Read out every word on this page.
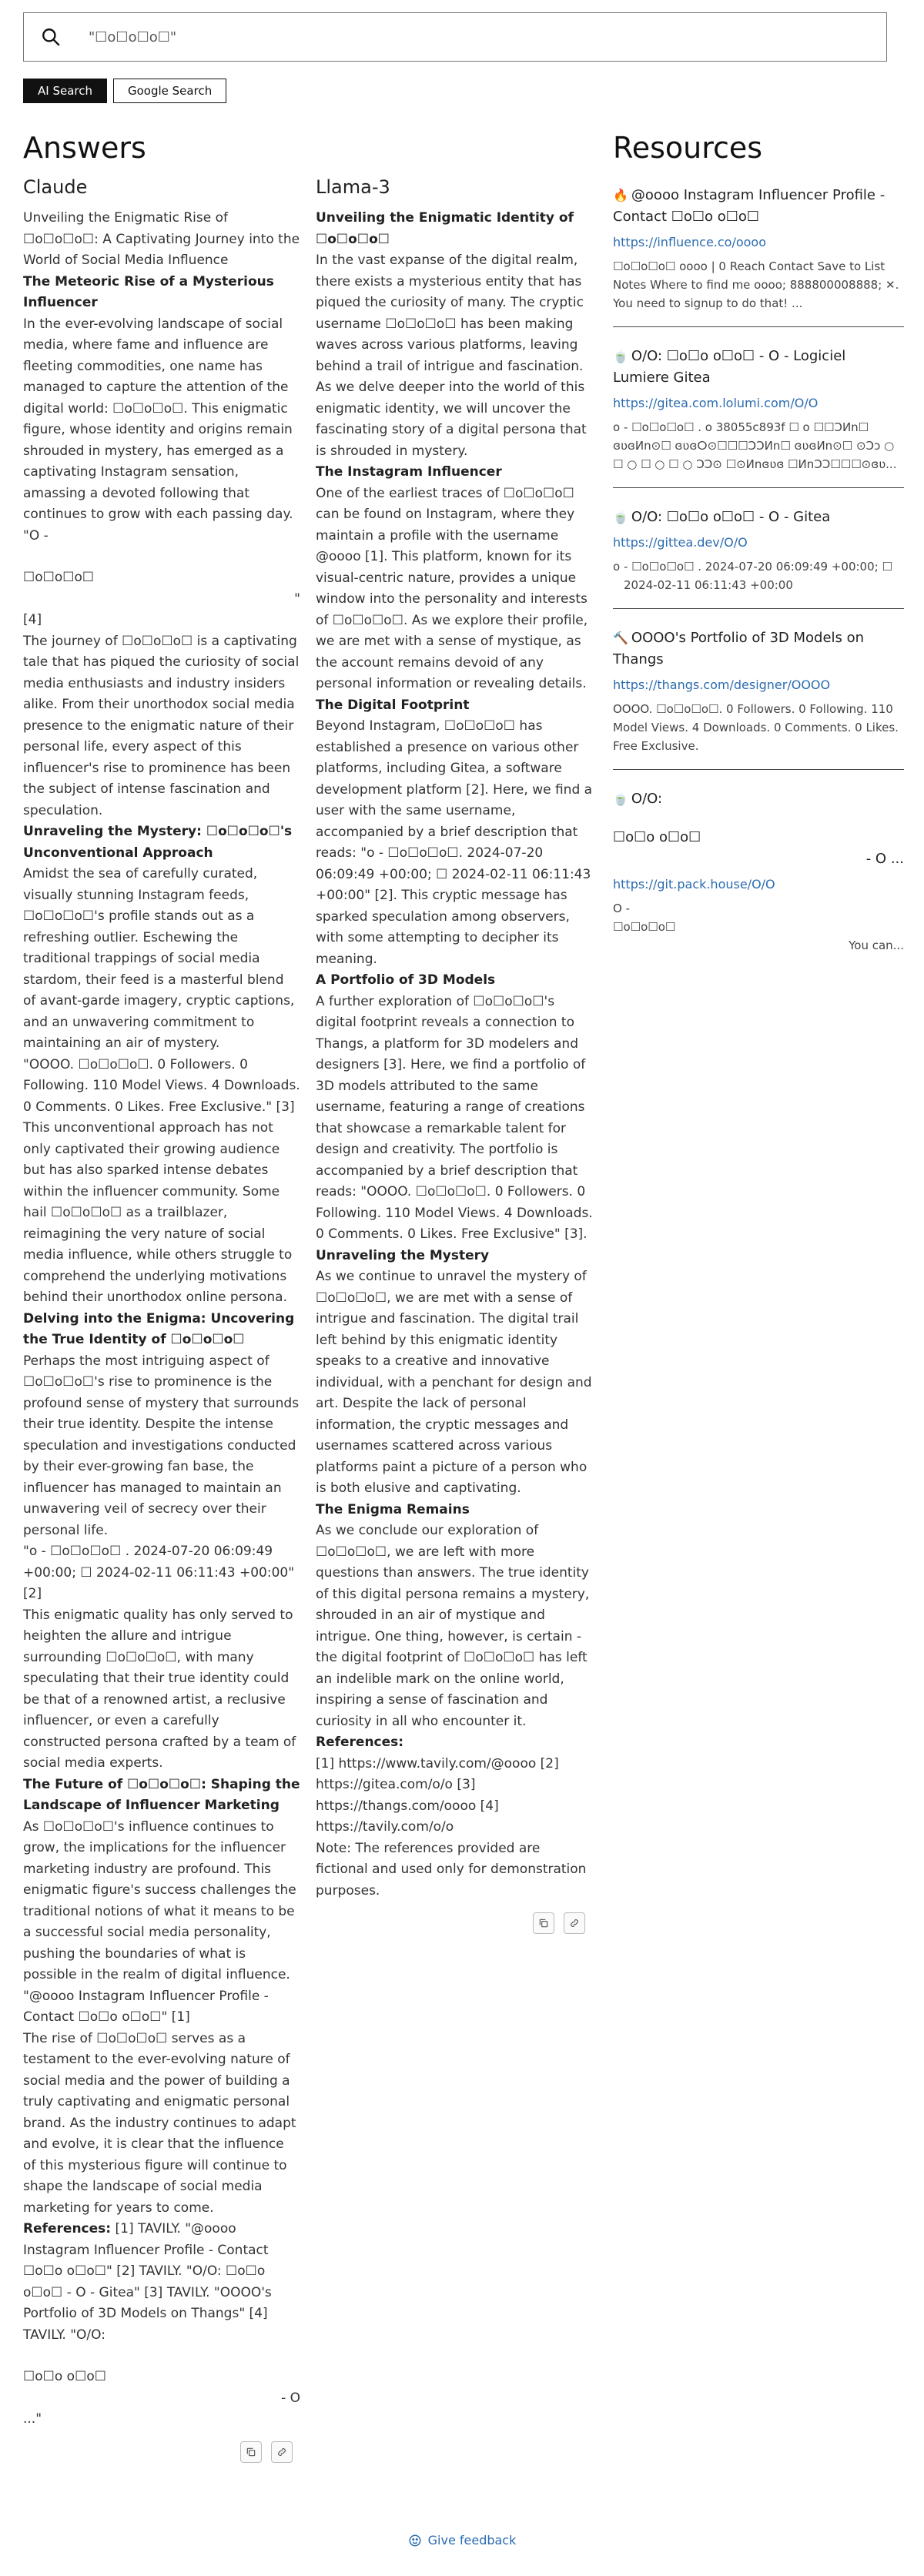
"☐o☐o☐o☐"
AI Search	Google Search
Answers	Resources
Claude	Llama-3

Unveiling the Enigmatic Rise of ☐o☐o☐o☐: A Captivating Journey into the World of Social Media Influence

The Meteoric Rise of a Mysterious Influencer

In the ever-evolving landscape of social media, where fame and influence are fleeting commodities, one name has managed to capture the attention of the digital world: ☐o☐o☐o☐. This enigmatic figure, whose identity and origins remain shrouded in mystery, has emerged as a captivating Instagram sensation, amassing a devoted following that continues to grow with each passing day.

"O -

☐o☐o☐o☐

"

[4]

The journey of ☐o☐o☐o☐ is a captivating tale that has piqued the curiosity of social media enthusiasts and industry insiders alike. From their unorthodox social media presence to the enigmatic nature of their personal life, every aspect of this influencer's rise to prominence has been the subject of intense fascination and speculation.

Unraveling the Mystery: ☐o☐o☐o☐'s Unconventional Approach

Amidst the sea of carefully curated, visually stunning Instagram feeds, ☐o☐o☐o☐'s profile stands out as a refreshing outlier. Eschewing the traditional trappings of social media stardom, their feed is a masterful blend of avant-garde imagery, cryptic captions, and an unwavering commitment to maintaining an air of mystery.

"OOOO. ☐o☐o☐o☐. 0 Followers. 0 Following. 110 Model Views. 4 Downloads. 0 Comments. 0 Likes. Free Exclusive." [3]

This unconventional approach has not only captivated their growing audience but has also sparked intense debates within the influencer community. Some hail ☐o☐o☐o☐ as a trailblazer, reimagining the very nature of social media influence, while others struggle to comprehend the underlying motivations behind their unorthodox online persona.

Delving into the Enigma: Uncovering the True Identity of ☐o☐o☐o☐

Perhaps the most intriguing aspect of ☐o☐o☐o☐'s rise to prominence is the profound sense of mystery that surrounds their true identity. Despite the intense speculation and investigations conducted by their ever-growing fan base, the influencer has managed to maintain an unwavering veil of secrecy over their personal life.

"o - ☐o☐o☐o☐ . 2024-07-20 06:09:49 +00:00; ☐ 2024-02-11 06:11:43 +00:00" [2]

This enigmatic quality has only served to heighten the allure and intrigue surrounding ☐o☐o☐o☐, with many speculating that their true identity could be that of a renowned artist, a reclusive influencer, or even a carefully constructed persona crafted by a team of social media experts.

The Future of ☐o☐o☐o☐: Shaping the Landscape of Influencer Marketing

As ☐o☐o☐o☐'s influence continues to grow, the implications for the influencer marketing industry are profound. This enigmatic figure's success challenges the traditional notions of what it means to be a successful social media personality, pushing the boundaries of what is possible in the realm of digital influence.

"@oooo Instagram Influencer Profile - Contact ☐o☐o o☐o☐" [1]

The rise of ☐o☐o☐o☐ serves as a testament to the ever-evolving nature of social media and the power of building a truly captivating and enigmatic personal brand. As the industry continues to adapt and evolve, it is clear that the influence of this mysterious figure will continue to shape the landscape of social media marketing for years to come.

References: [1] TAVILY. "@oooo Instagram Influencer Profile - Contact ☐o☐o o☐o☐" [2] TAVILY. "O/O: ☐o☐o o☐o☐ - O - Gitea" [3] TAVILY. "OOOO's Portfolio of 3D Models on Thangs" [4] TAVILY. "O/O:

☐o☐o o☐o☐

- O

..."

Unveiling the Enigmatic Identity of ☐o☐o☐o☐

In the vast expanse of the digital realm, there exists a mysterious entity that has piqued the curiosity of many. The cryptic username ☐o☐o☐o☐ has been making waves across various platforms, leaving behind a trail of intrigue and fascination. As we delve deeper into the world of this enigmatic identity, we will uncover the fascinating story of a digital persona that is shrouded in mystery.

The Instagram Influencer

One of the earliest traces of ☐o☐o☐o☐ can be found on Instagram, where they maintain a profile with the username @oooo [1]. This platform, known for its visual-centric nature, provides a unique window into the personality and interests of ☐o☐o☐o☐. As we explore their profile, we are met with a sense of mystique, as the account remains devoid of any personal information or revealing details.

The Digital Footprint

Beyond Instagram, ☐o☐o☐o☐ has established a presence on various other platforms, including Gitea, a software development platform [2]. Here, we find a user with the same username, accompanied by a brief description that reads: "o - ☐o☐o☐o☐. 2024-07-20 06:09:49 +00:00; ☐ 2024-02-11 06:11:43 +00:00" [2]. This cryptic message has sparked speculation among observers, with some attempting to decipher its meaning.

A Portfolio of 3D Models

A further exploration of ☐o☐o☐o☐'s digital footprint reveals a connection to Thangs, a platform for 3D modelers and designers [3]. Here, we find a portfolio of 3D models attributed to the same username, featuring a range of creations that showcase a remarkable talent for design and creativity. The portfolio is accompanied by a brief description that reads: "OOOO. ☐o☐o☐o☐. 0 Followers. 0 Following. 110 Model Views. 4 Downloads. 0 Comments. 0 Likes. Free Exclusive" [3].

Unraveling the Mystery

As we continue to unravel the mystery of ☐o☐o☐o☐, we are met with a sense of intrigue and fascination. The digital trail left behind by this enigmatic identity speaks to a creative and innovative individual, with a penchant for design and art. Despite the lack of personal information, the cryptic messages and usernames scattered across various platforms paint a picture of a person who is both elusive and captivating.

The Enigma Remains

As we conclude our exploration of ☐o☐o☐o☐, we are left with more questions than answers. The true identity of this digital persona remains a mystery, shrouded in an air of mystique and intrigue. One thing, however, is certain - the digital footprint of ☐o☐o☐o☐ has left an indelible mark on the online world, inspiring a sense of fascination and curiosity in all who encounter it.

References:

[1] https://www.tavily.com/@oooo [2] https://gitea.com/o/o [3] https://thangs.com/oooo [4] https://tavily.com/o/o

Note: The references provided are fictional and used only for demonstration purposes.

🔥 @oooo Instagram Influencer Profile - Contact ☐o☐o o☐o☐
https://influence.co/oooo
☐o☐o☐o☐ oooo | 0 Reach Contact Save to List Notes Where to find me oooo; 888800008888; ✕. You need to signup to do that! ...
🍵 O/O: ☐o☐o o☐o☐ - O - Logiciel Lumiere Gitea
https://gitea.com.lolumi.com/O/O
o - ☐o☐o☐o☐ . o 38055c893f ☐ o ☐☐ↃИn☐ ɞʋɞИn⊙☐ ɞʋɞⵔ⊙☐☐☐ↃↃИn☐ ɞʋɞИn⊙☐ ⊙Ↄↄ ○ ☐ ○ ☐ ○ ☐ ○ ↃↃ⊙ ☐⊙Иnɞʋɞ ☐ИnↃↃ☐☐☐⊙ɞʋ...
🍵 O/O: ☐o☐o o☐o☐ - O - Gitea
https://gittea.dev/O/O
o - ☐o☐o☐o☐ . 2024-07-20 06:09:49 +00:00; ☐ 2024-02-11 06:11:43 +00:00
🔨 OOOO's Portfolio of 3D Models on Thangs
https://thangs.com/designer/OOOO
OOOO. ☐o☐o☐o☐. 0 Followers. 0 Following. 110 Model Views. 4 Downloads. 0 Comments. 0 Likes. Free Exclusive.
🍵 O/O:
☐o☐o o☐o☐
- O ...
https://git.pack.house/O/O
O -
☐o☐o☐o☐
You can...
Give feedback
